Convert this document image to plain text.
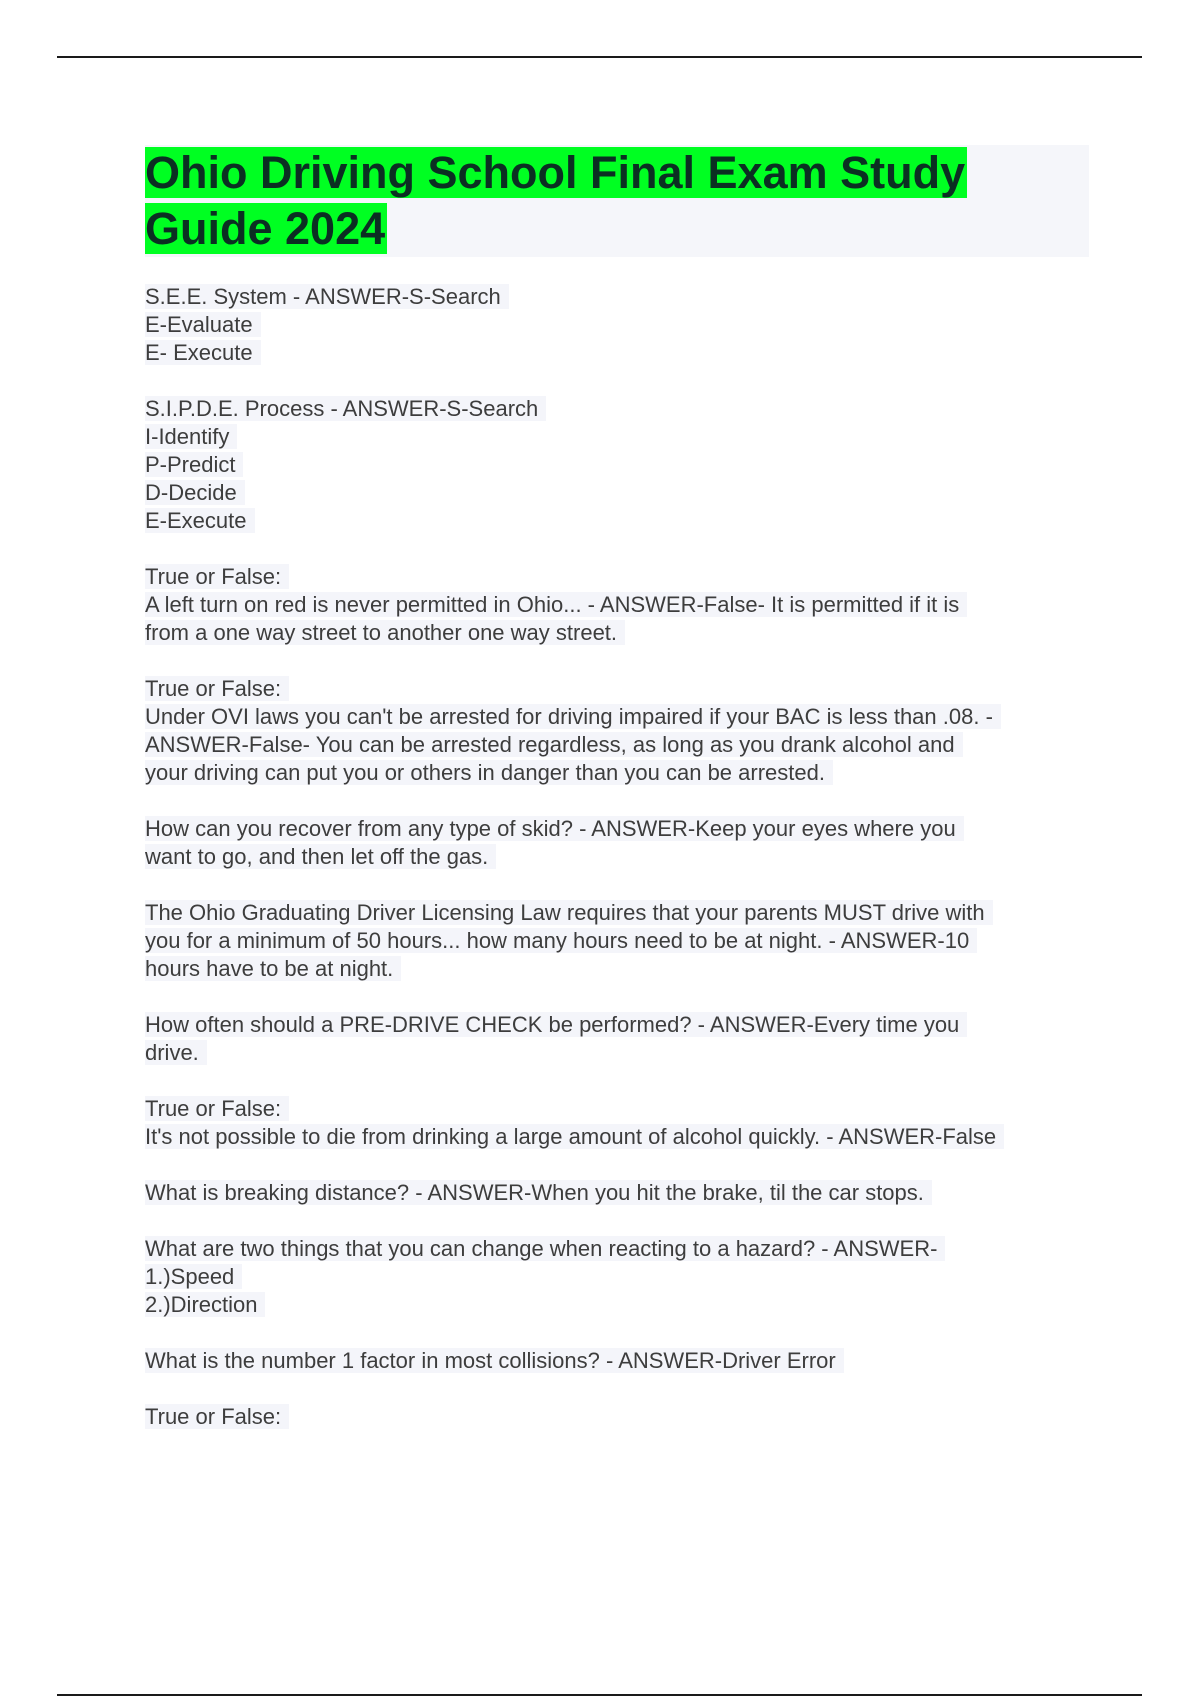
Ohio Driving School Final Exam Study
Guide 2024
S.E.E. System - ANSWER-S-Search
E-Evaluate
E- Execute
S.I.P.D.E. Process - ANSWER-S-Search
I-Identify
P-Predict
D-Decide
E-Execute
True or False:
A left turn on red is never permitted in Ohio... - ANSWER-False- It is permitted if it is
from a one way street to another one way street.
True or False:
Under OVI laws you can't be arrested for driving impaired if your BAC is less than .08. -
ANSWER-False- You can be arrested regardless, as long as you drank alcohol and
your driving can put you or others in danger than you can be arrested.
How can you recover from any type of skid? - ANSWER-Keep your eyes where you
want to go, and then let off the gas.
The Ohio Graduating Driver Licensing Law requires that your parents MUST drive with
you for a minimum of 50 hours... how many hours need to be at night. - ANSWER-10
hours have to be at night.
How often should a PRE-DRIVE CHECK be performed? - ANSWER-Every time you
drive.
True or False:
It's not possible to die from drinking a large amount of alcohol quickly. - ANSWER-False
What is breaking distance? - ANSWER-When you hit the brake, til the car stops.
What are two things that you can change when reacting to a hazard? - ANSWER-
1.)Speed
2.)Direction
What is the number 1 factor in most collisions? - ANSWER-Driver Error
True or False:
